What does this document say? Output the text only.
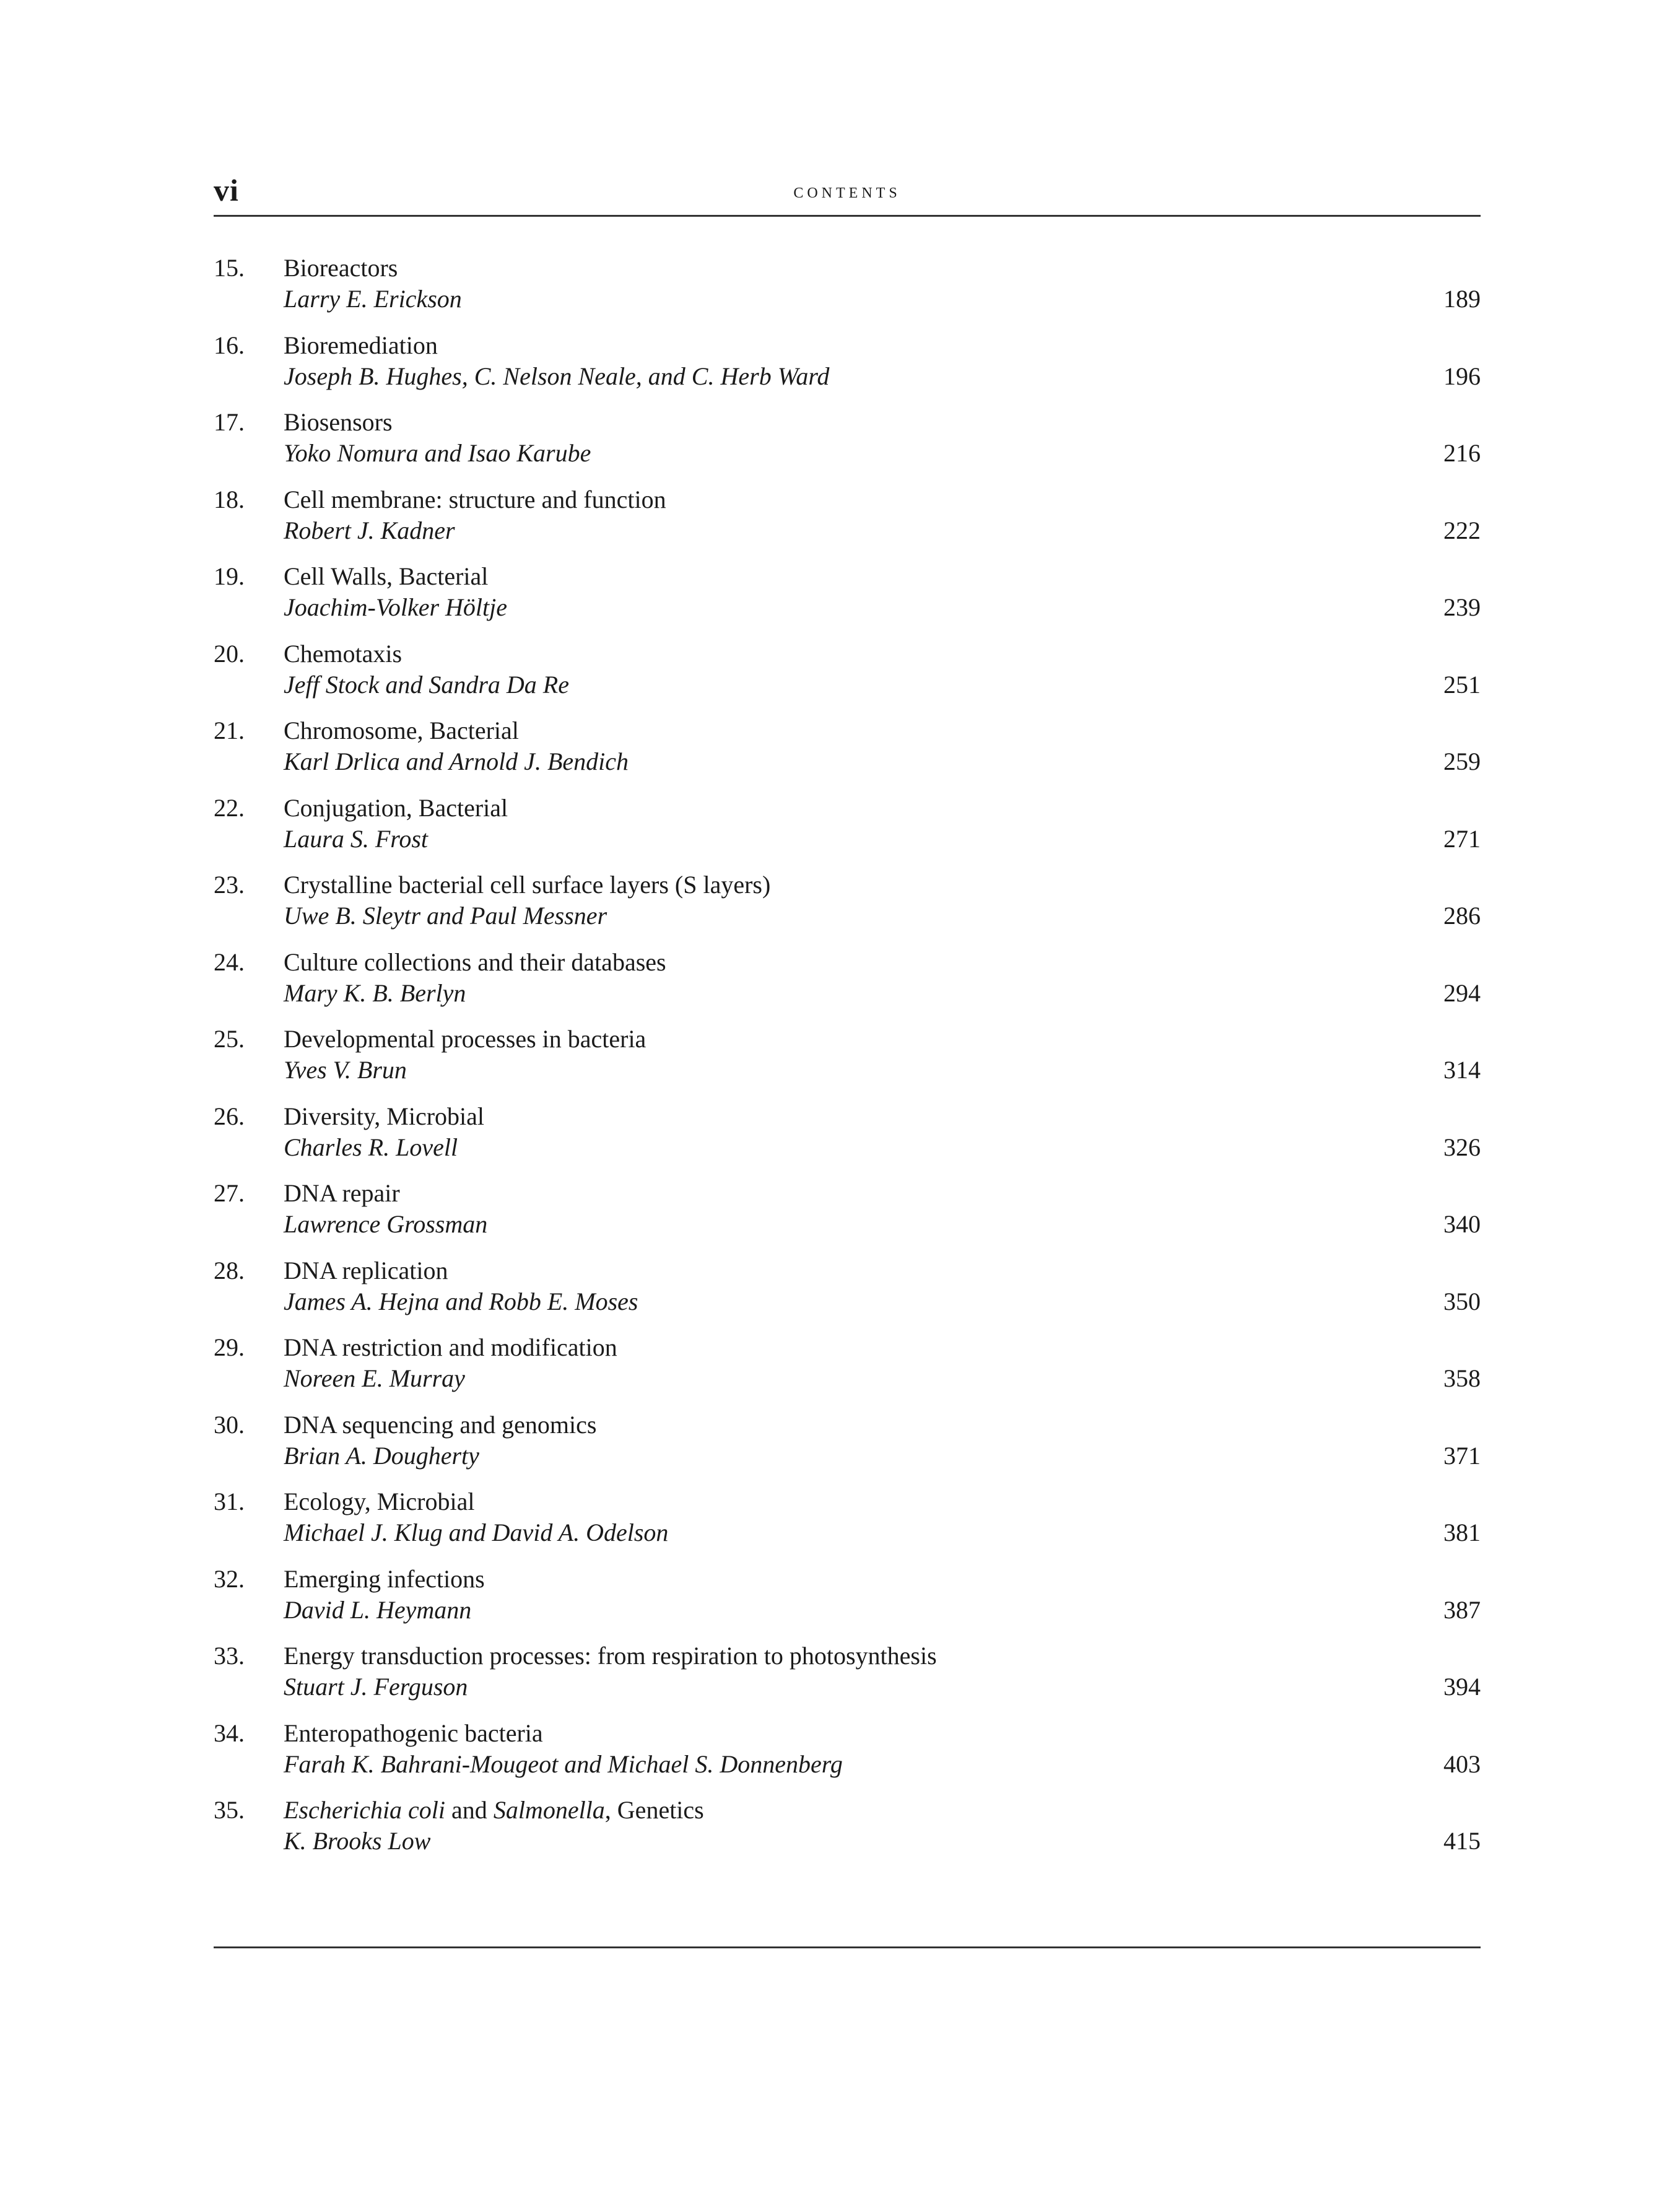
vi	contents
15. Bioreactors
Larry E. Erickson	189
16. Bioremediation
Joseph B. Hughes, C. Nelson Neale, and C. Herb Ward	196
17. Biosensors
Yoko Nomura and Isao Karube	216
18. Cell membrane: structure and function
Robert J. Kadner	222
19. Cell Walls, Bacterial
Joachim-Volker Höltje	239
20. Chemotaxis
Jeff Stock and Sandra Da Re	251
21. Chromosome, Bacterial
Karl Drlica and Arnold J. Bendich	259
22. Conjugation, Bacterial
Laura S. Frost	271
23. Crystalline bacterial cell surface layers (S layers)
Uwe B. Sleytr and Paul Messner	286
24. Culture collections and their databases
Mary K. B. Berlyn	294
25. Developmental processes in bacteria
Yves V. Brun	314
26. Diversity, Microbial
Charles R. Lovell	326
27. DNA repair
Lawrence Grossman	340
28. DNA replication
James A. Hejna and Robb E. Moses	350
29. DNA restriction and modification
Noreen E. Murray	358
30. DNA sequencing and genomics
Brian A. Dougherty	371
31. Ecology, Microbial
Michael J. Klug and David A. Odelson	381
32. Emerging infections
David L. Heymann	387
33. Energy transduction processes: from respiration to photosynthesis
Stuart J. Ferguson	394
34. Enteropathogenic bacteria
Farah K. Bahrani-Mougeot and Michael S. Donnenberg	403
35. Escherichia coli and Salmonella, Genetics
K. Brooks Low	415
